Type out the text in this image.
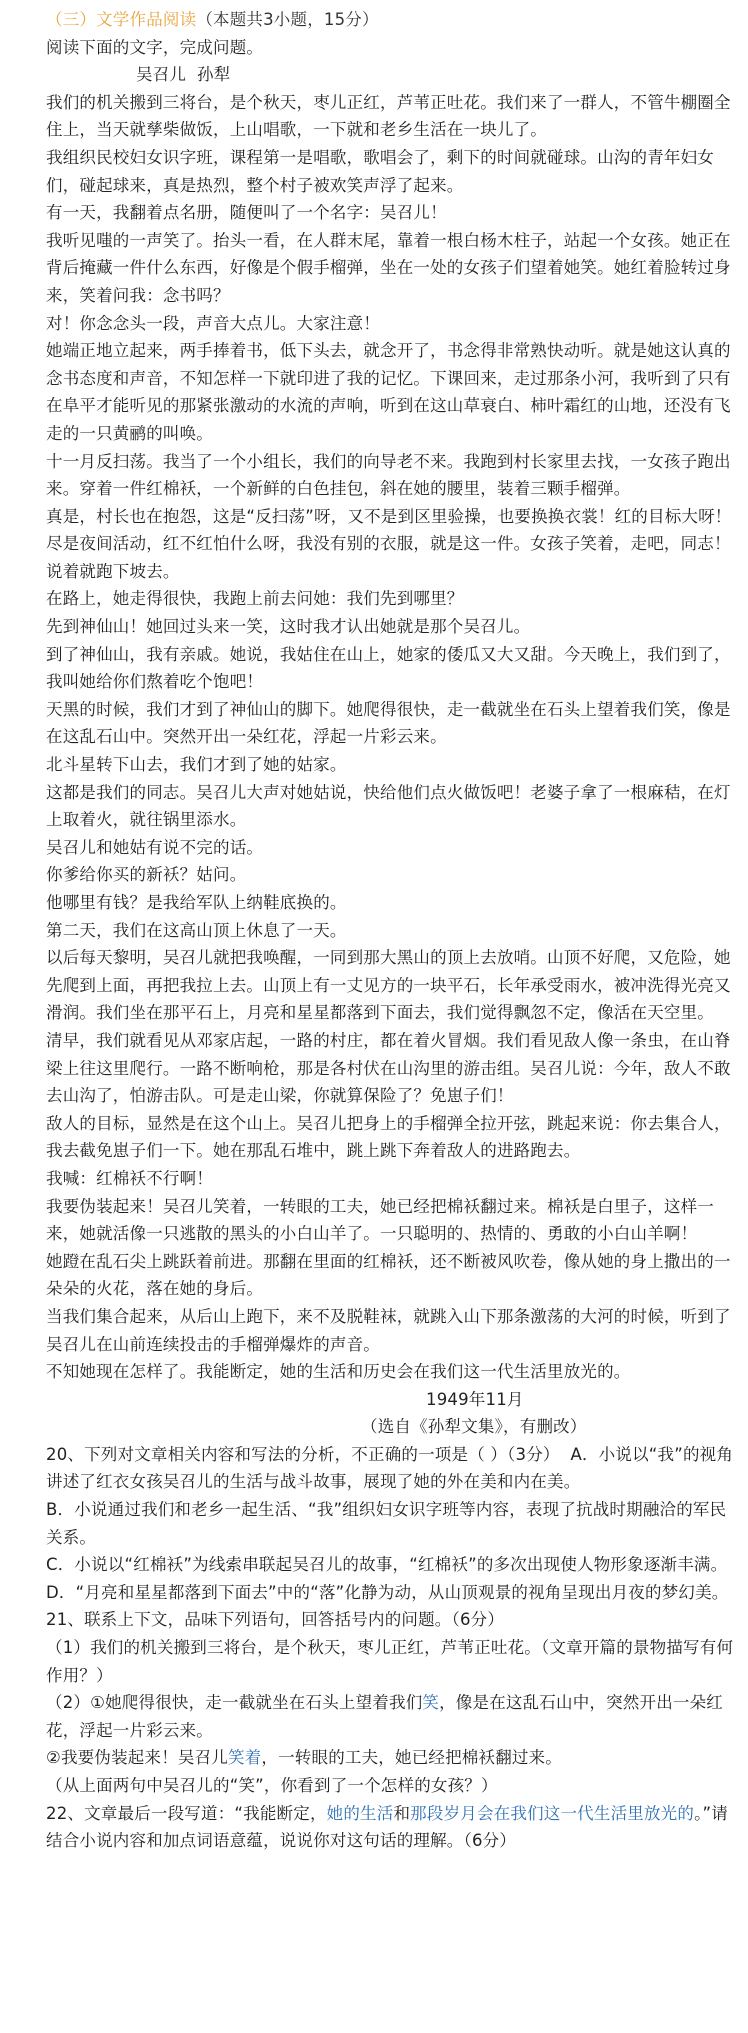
（三）文学作品阅读（本题共3小题，15分）

阅读下面的文字，完成问题。

吴召儿 孙犁

我们的机关搬到三将台，是个秋天，枣儿正红，芦苇正吐花。我们来了一群人，不管牛棚圈全住上，当天就孳柴做饭，上山唱歌，一下就和老乡生活在一块儿了。

我组织民校妇女识字班，课程第一是唱歌，歌唱会了，剩下的时间就碰球。山沟的青年妇女们，碰起球来，真是热烈，整个村子被欢笑声浮了起来。

有一天，我翻着点名册，随便叫了一个名字：吴召儿！

我听见嗤的一声笑了。抬头一看，在人群末尾，靠着一根白杨木柱子，站起一个女孩。她正在背后掩藏一件什么东西，好像是个假手榴弹，坐在一处的女孩子们望着她笑。她红着脸转过身来，笑着问我：念书吗？

对！你念念头一段，声音大点儿。大家注意！

她端正地立起来，两手捧着书，低下头去，就念开了，书念得非常熟快动听。就是她这认真的念书态度和声音，不知怎样一下就印进了我的记忆。下课回来，走过那条小河，我听到了只有在阜平才能听见的那紧张激动的水流的声响，听到在这山草衰白、柿叶霜红的山地，还没有飞走的一只黄鹂的叫唤。

十一月反扫荡。我当了一个小组长，我们的向导老不来。我跑到村长家里去找，一女孩子跑出来。穿着一件红棉袄，一个新鲜的白色挂包，斜在她的腰里，装着三颗手榴弹。

真是，村长也在抱怨，这是“反扫荡”呀，又不是到区里验操，也要换换衣裳！红的目标大呀！

尽是夜间活动，红不红怕什么呀，我没有别的衣服，就是这一件。女孩子笑着，走吧，同志！说着就跑下坡去。

在路上，她走得很快，我跑上前去问她：我们先到哪里？

先到神仙山！她回过头来一笑，这时我才认出她就是那个吴召儿。

到了神仙山，我有亲戚。她说，我姑住在山上，她家的倭瓜又大又甜。今天晚上，我们到了，我叫她给你们熬着吃个饱吧！

天黑的时候，我们才到了神仙山的脚下。她爬得很快，走一截就坐在石头上望着我们笑，像是在这乱石山中。突然开出一朵红花，浮起一片彩云来。

北斗星转下山去，我们才到了她的姑家。

这都是我们的同志。吴召儿大声对她姑说，快给他们点火做饭吧！老婆子拿了一根麻秸，在灯上取着火，就往锅里添水。

吴召儿和她姑有说不完的话。

你爹给你买的新袄？姑问。

他哪里有钱？是我给军队上纳鞋底换的。

第二天，我们在这高山顶上休息了一天。

以后每天黎明，吴召儿就把我唤醒，一同到那大黑山的顶上去放哨。山顶不好爬，又危险，她先爬到上面，再把我拉上去。山顶上有一丈见方的一块平石，长年承受雨水，被冲洗得光亮又滑润。我们坐在那平石上，月亮和星星都落到下面去，我们觉得飘忽不定，像活在天空里。

清早，我们就看见从邓家店起，一路的村庄，都在着火冒烟。我们看见敌人像一条虫，在山脊梁上往这里爬行。一路不断响枪，那是各村伏在山沟里的游击组。吴召儿说：今年，敌人不敢去山沟了，怕游击队。可是走山梁，你就算保险了？免崽子们！

敌人的目标，显然是在这个山上。吴召儿把身上的手榴弹全拉开弦，跳起来说：你去集合人，我去截免崽子们一下。她在那乱石堆中，跳上跳下奔着敌人的进路跑去。

我喊：红棉袄不行啊！

我要伪装起来！吴召儿笑着，一转眼的工夫，她已经把棉袄翻过来。棉袄是白里子，这样一来，她就活像一只逃散的黑头的小白山羊了。一只聪明的、热情的、勇敢的小白山羊啊！

她蹬在乱石尖上跳跃着前进。那翻在里面的红棉袄，还不断被风吹卷，像从她的身上撒出的一朵朵的火花，落在她的身后。

当我们集合起来，从后山上跑下，来不及脱鞋袜，就跳入山下那条激荡的大河的时候，听到了吴召儿在山前连续投击的手榴弹爆炸的声音。

不知她现在怎样了。我能断定，她的生活和历史会在我们这一代生活里放光的。

1949年11月

（选自《孙犁文集》，有删改）

20、下列对文章相关内容和写法的分析，不正确的一项是（ ）（3分） A．小说以“我”的视角讲述了红衣女孩吴召儿的生活与战斗故事，展现了她的外在美和内在美。

B．小说通过我们和老乡一起生活、“我”组织妇女识字班等内容，表现了抗战时期融洽的军民关系。

C．小说以“红棉袄”为线索串联起吴召儿的故事，“红棉袄”的多次出现使人物形象逐渐丰满。

D．“月亮和星星都落到下面去”中的“落”化静为动，从山顶观景的视角呈现出月夜的梦幻美。

21、联系上下文，品味下列语句，回答括号内的问题。（6分）

（1）我们的机关搬到三将台，是个秋天，枣儿正红，芦苇正吐花。（文章开篇的景物描写有何作用？）

（2）①她爬得很快，走一截就坐在石头上望着我们笑，像是在这乱石山中，突然开出一朵红花，浮起一片彩云来。

②我要伪装起来！吴召儿笑着，一转眼的工夫，她已经把棉袄翻过来。

（从上面两句中吴召儿的“笑”，你看到了一个怎样的女孩？）

22、文章最后一段写道：“我能断定，她的生活和那段岁月会在我们这一代生活里放光的。”请结合小说内容和加点词语意蕴，说说你对这句话的理解。（6分）
